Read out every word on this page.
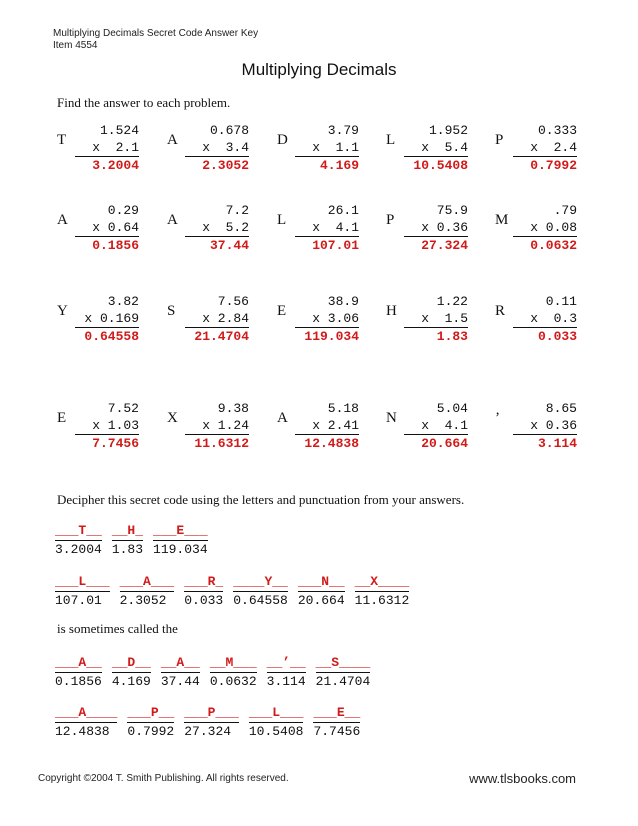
Multiplying Decimals Secret Code Answer Key
Item 4554
Multiplying Decimals
Find the answer to each problem.
T
1.524
x  2.1
3.2004
A
0.678
x  3.4
2.3052
D
3.79
x  1.1
4.169
L
1.952
x  5.4
10.5408
P
0.333
x  2.4
0.7992
A
0.29
x 0.64
0.1856
A
7.2
x  5.2
37.44
L
26.1
x  4.1
107.01
P
75.9
x 0.36
27.324
M
.79
x 0.08
0.0632
Y
3.82
x 0.169
0.64558
S
7.56
x 2.84
21.4704
E
38.9
x 3.06
119.034
H
1.22
x  1.5
1.83
R
0.11
x  0.3
0.033
E
7.52
x 1.03
7.7456
X
9.38
x 1.24
11.6312
A
5.18
x 2.41
12.4838
N
5.04
x  4.1
20.664
’
8.65
x 0.36
3.114
Decipher this secret code using the letters and punctuation from your answers.
$\frac{\_\_\_T\_\_}{3.2004} \frac{\_\_H\_}{1.83} \frac{\_\_\_E\_\_\_}{119.034}$
$\frac{\_\_\_L\_\_\_}{107.01} \frac{\_\_\_A\_\_\_}{2.3052} \frac{\_\_\_R\_}{0.033} \frac{\_\_\_\_Y\_\_}{0.64558} \frac{\_\_\_N\_\_}{20.664} \frac{\_\_X\_\_\_\_}{11.6312}$
is sometimes called the
$\frac{\_\_\_A\_\_}{0.1856} \frac{\_\_D\_\_}{4.169} \frac{\_\_A\_\_}{37.44} \frac{\_\_M\_\_\_}{0.0632}$ __’__
$3.114 \frac{\_\_S\_\_\_\_}{21.4704}$
$\frac{\_\_\_A\_\_\_\_}{12.4838} \frac{\_\_\_P\_\_}{0.7992} \frac{\_\_\_P\_\_\_}{27.324} \frac{\_\_\_L\_\_\_}{10.5408} \frac{\_\_\_E\_\_}{7.7456}$
Copyright ©2004 T. Smith Publishing. All rights reserved.	www.tlsbooks.com
